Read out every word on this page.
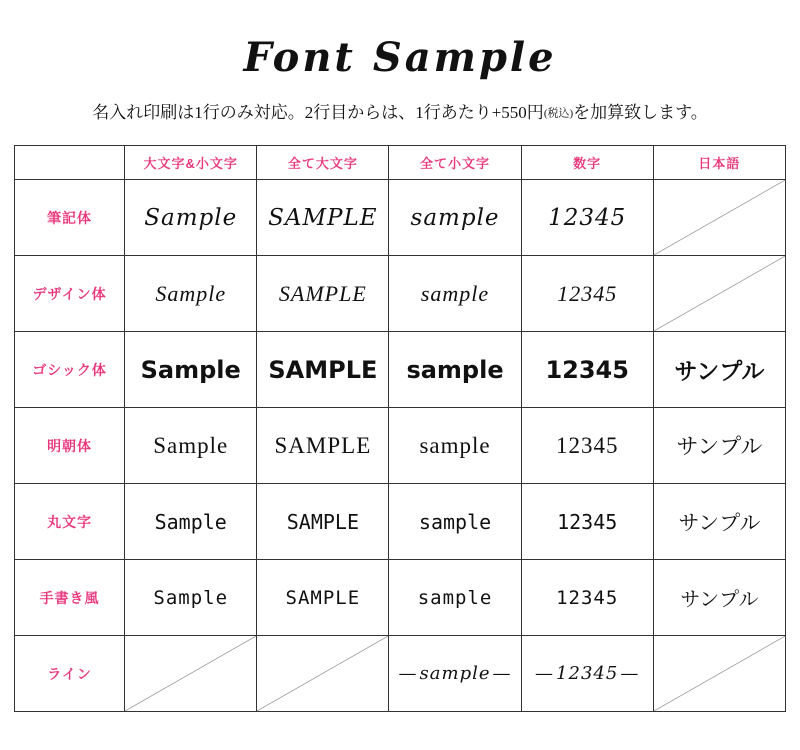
Font Sample
名入れ印刷は1行のみ対応。2行目からは、1行あたり+550円(税込)を加算致します。
	大文字&小文字	全て大文字	全て小文字	数字	日本語
筆記体	Sample	SAMPLE	sample	12345	

デザイン体	Sample	SAMPLE	sample	12345	

ゴシック体	Sample	SAMPLE	sample	12345	サンプル
明朝体	Sample	SAMPLE	sample	12345	サンプル
丸文字	Sample	SAMPLE	sample	12345	サンプル
手書き風	Sample	SAMPLE	sample	12345	サンプル
ライン			— sample —	— 12345 —	
